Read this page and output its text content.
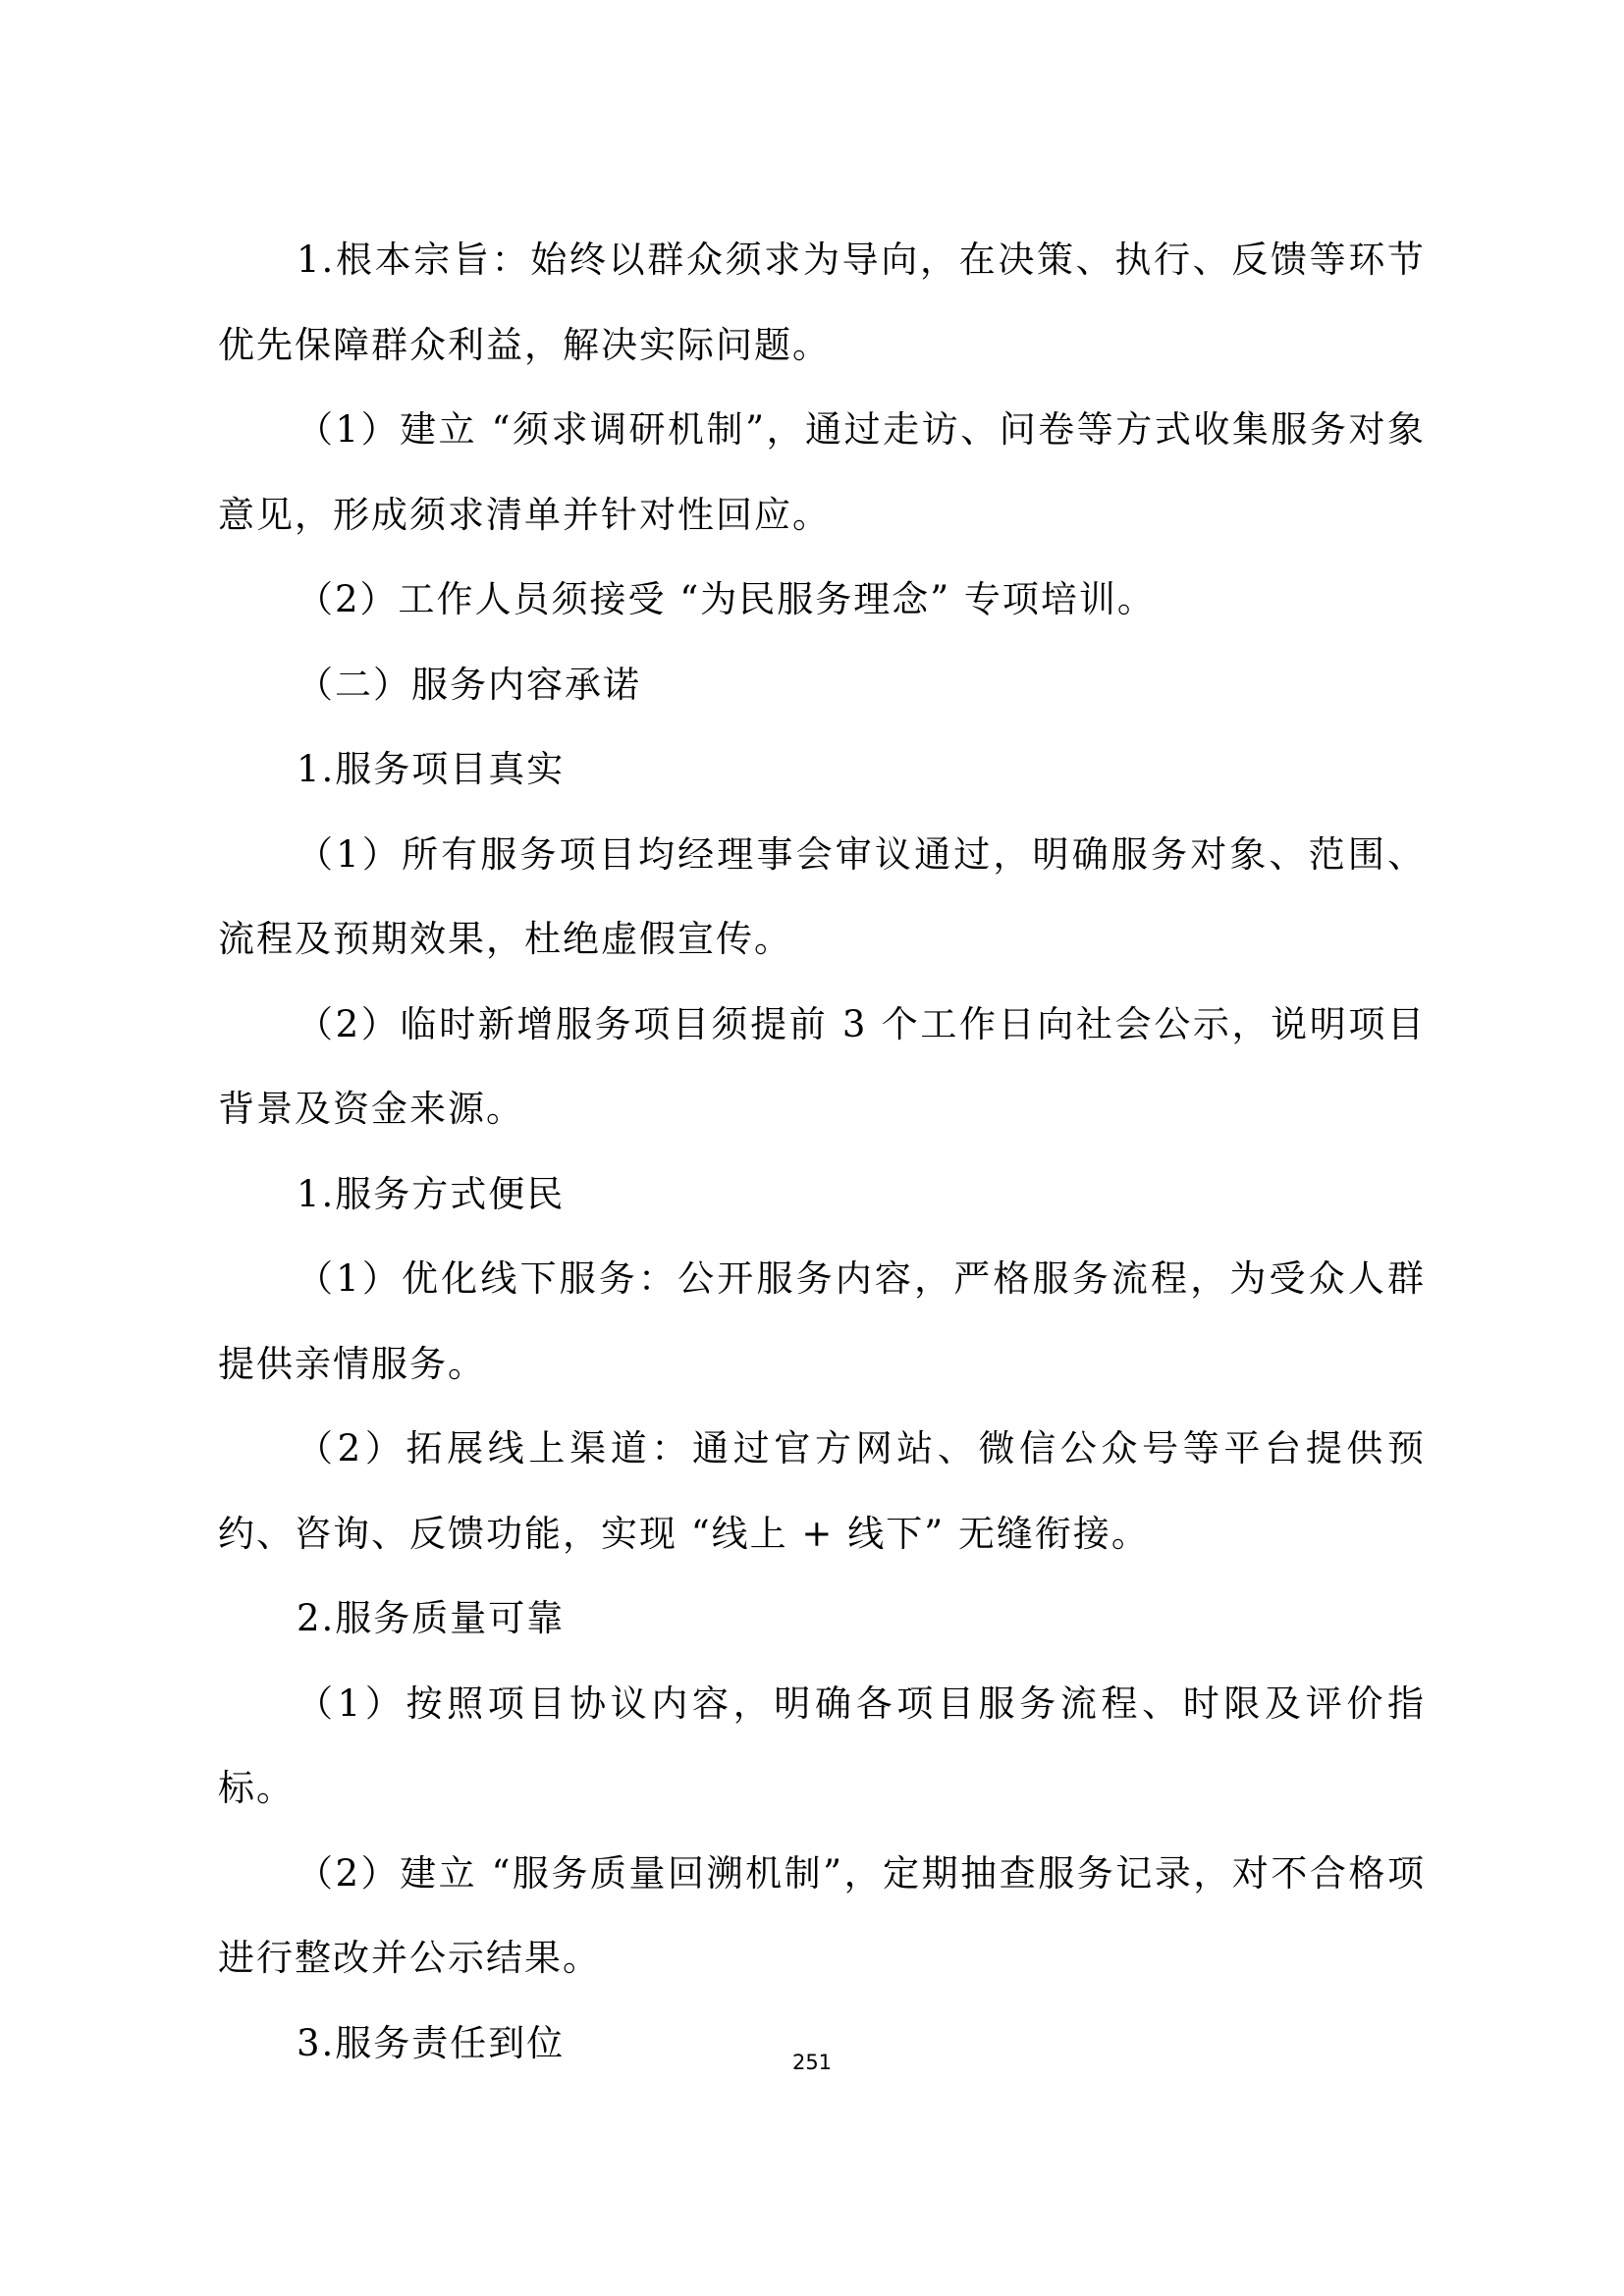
1.根本宗旨：始终以群众须求为导向，在决策、执行、反馈等环节优先保障群众利益，解决实际问题。

（1）建立 “须求调研机制”，通过走访、问卷等方式收集服务对象意见，形成须求清单并针对性回应。

（2）工作人员须接受 “为民服务理念” 专项培训。

（二）服务内容承诺

1.服务项目真实

（1）所有服务项目均经理事会审议通过，明确服务对象、范围、流程及预期效果，杜绝虚假宣传。

（2）临时新增服务项目须提前 3 个工作日向社会公示，说明项目背景及资金来源。

1.服务方式便民

（1）优化线下服务：公开服务内容，严格服务流程，为受众人群提供亲情服务。

（2）拓展线上渠道：通过官方网站、微信公众号等平台提供预约、咨询、反馈功能，实现 “线上 + 线下” 无缝衔接。

2.服务质量可靠

（1）按照项目协议内容，明确各项目服务流程、时限及评价指标。

（2）建立 “服务质量回溯机制”，定期抽查服务记录，对不合格项进行整改并公示结果。

3.服务责任到位	251
